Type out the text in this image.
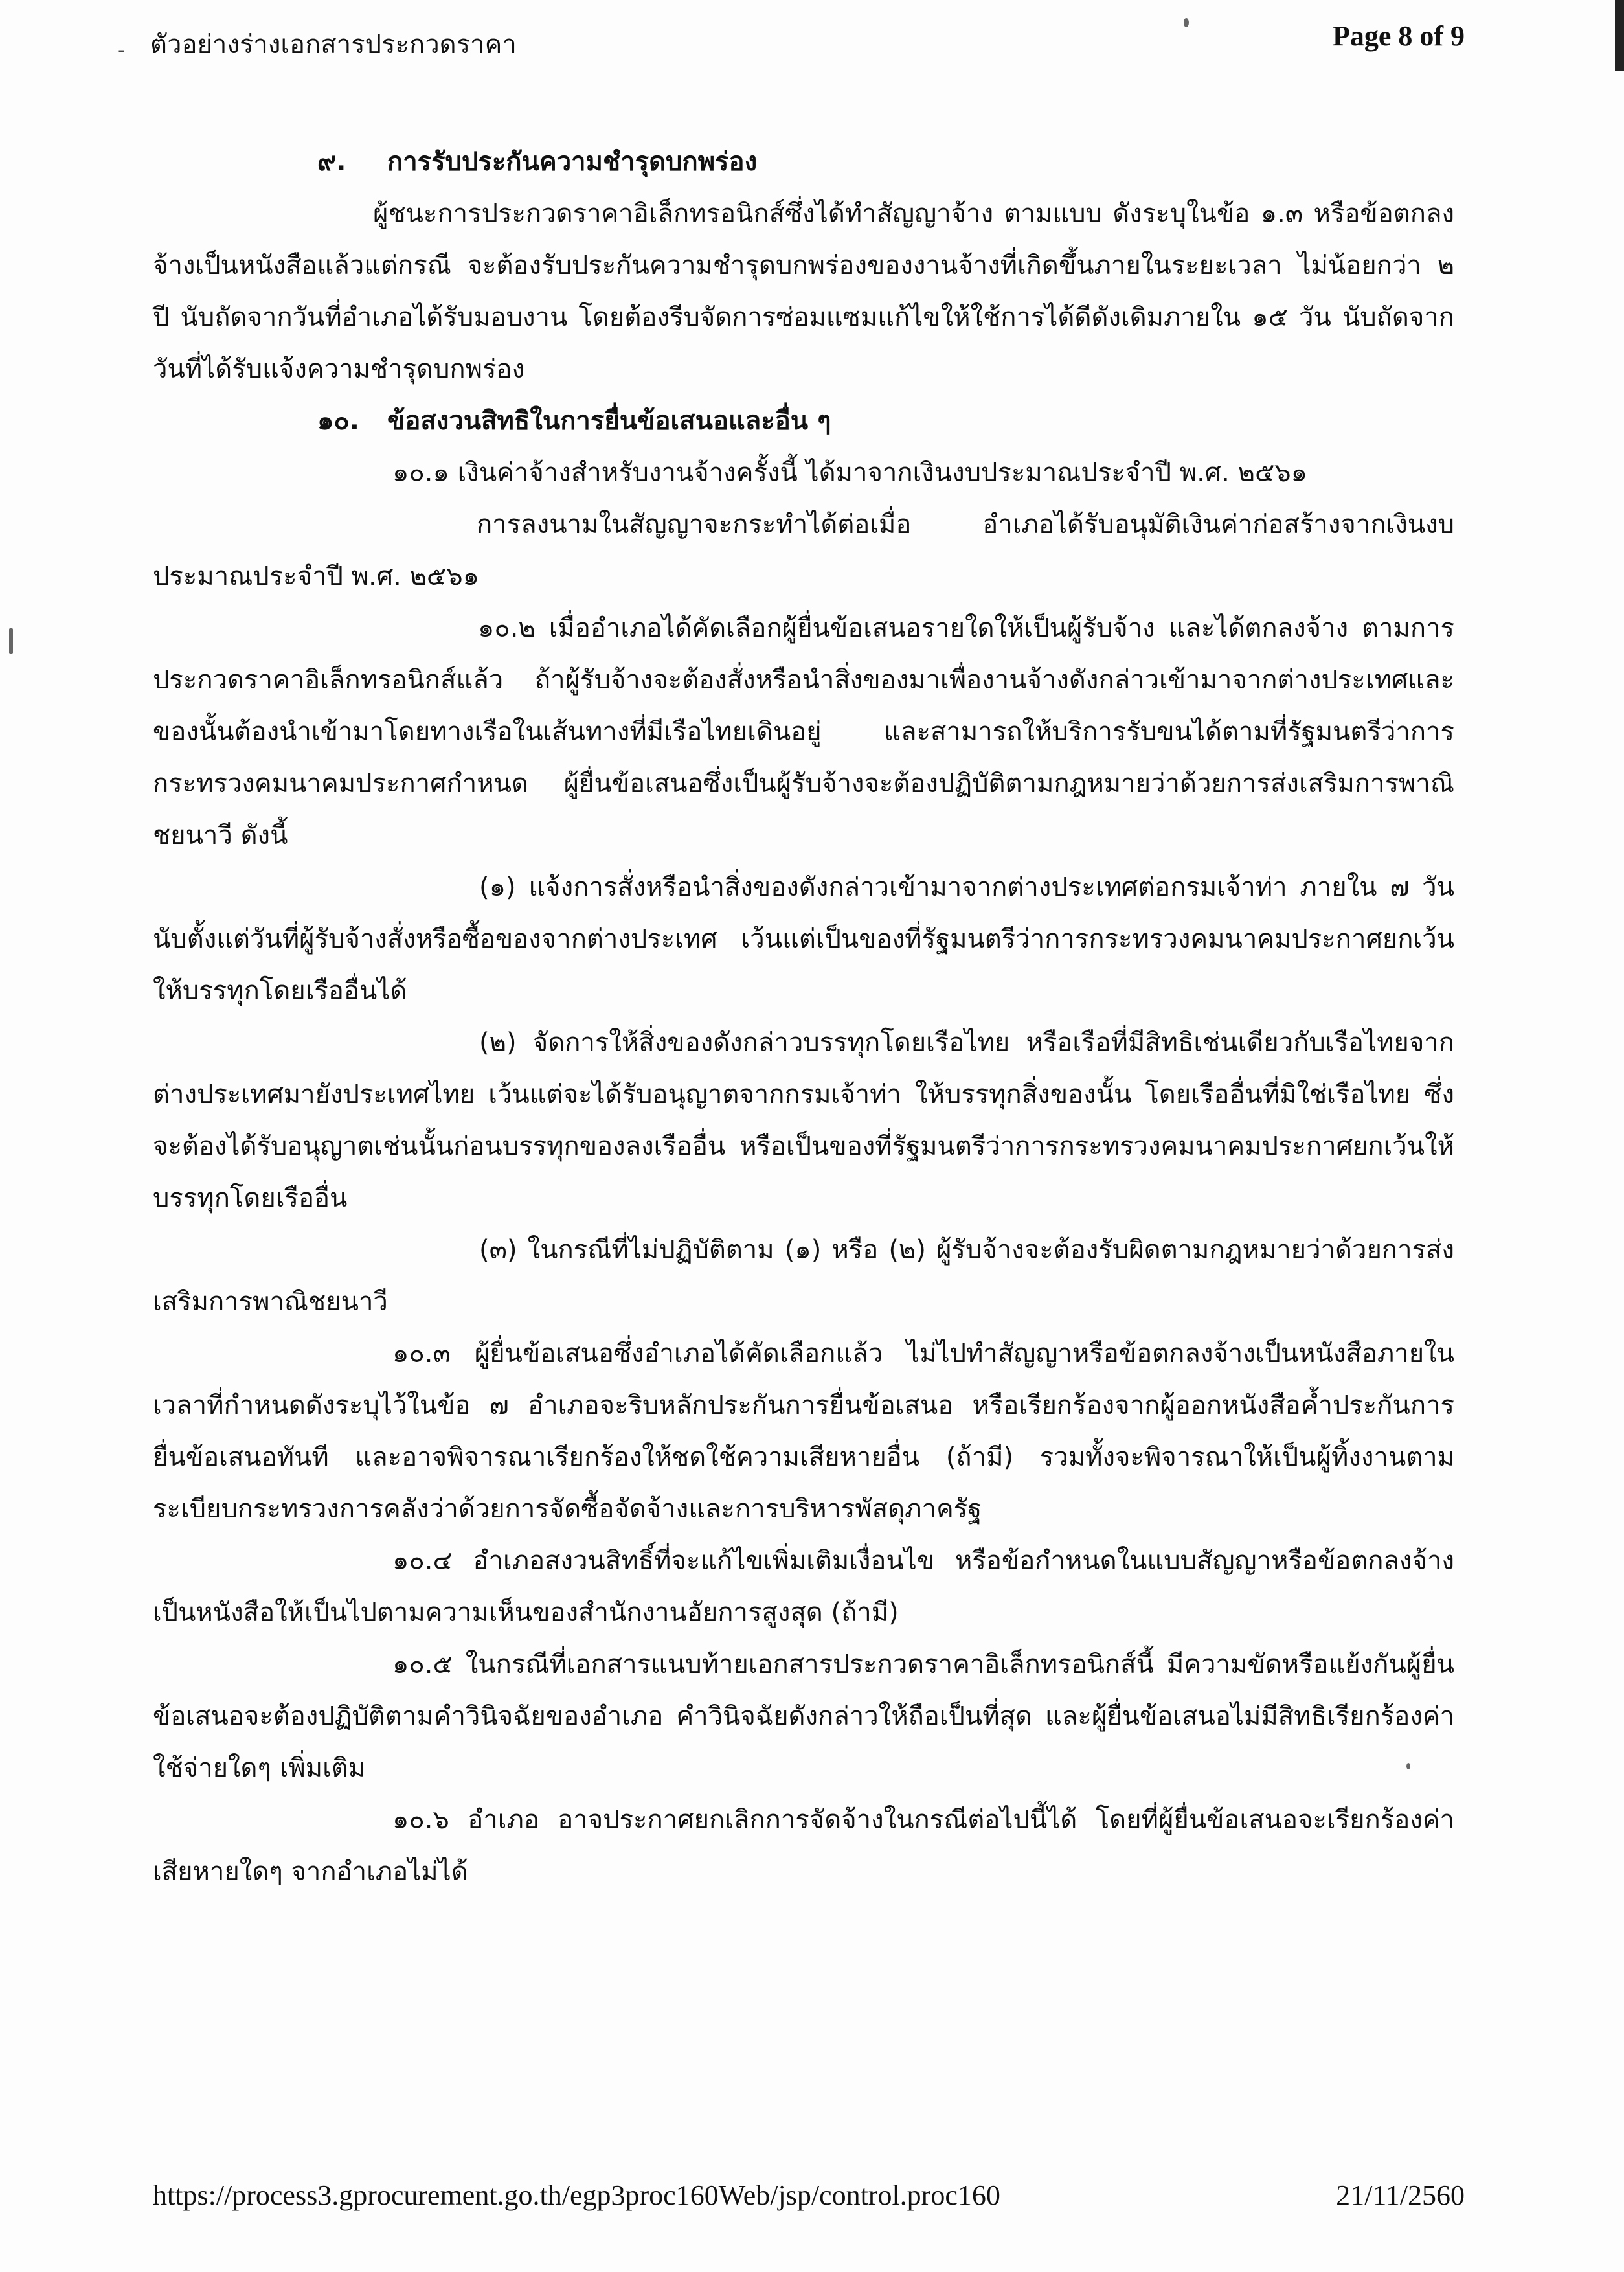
- ตัวอย่างร่างเอกสารประกวดราคา	Page 8 of 9

๙. การรับประกันความชำรุดบกพร่อง

ผู้ชนะการประกวดราคาอิเล็กทรอนิกส์ซึ่งได้ทำสัญญาจ้าง ตามแบบ ดังระบุในข้อ ๑.๓ หรือข้อตกลงจ้างเป็นหนังสือแล้วแต่กรณี จะต้องรับประกันความชำรุดบกพร่องของงานจ้างที่เกิดขึ้นภายในระยะเวลา ไม่น้อยกว่า ๒ ปี นับถัดจากวันที่อำเภอได้รับมอบงาน โดยต้องรีบจัดการซ่อมแซมแก้ไขให้ใช้การได้ดีดังเดิมภายใน ๑๕ วัน นับถัดจากวันที่ได้รับแจ้งความชำรุดบกพร่อง

๑๐. ข้อสงวนสิทธิในการยื่นข้อเสนอและอื่น ๆ

๑๐.๑ เงินค่าจ้างสำหรับงานจ้างครั้งนี้ ได้มาจากเงินงบประมาณประจำปี พ.ศ. ๒๕๖๑

การลงนามในสัญญาจะกระทำได้ต่อเมื่อ อำเภอได้รับอนุมัติเงินค่าก่อสร้างจากเงินงบประมาณประจำปี พ.ศ. ๒๕๖๑

๑๐.๒ เมื่ออำเภอได้คัดเลือกผู้ยื่นข้อเสนอรายใดให้เป็นผู้รับจ้าง และได้ตกลงจ้าง ตามการประกวดราคาอิเล็กทรอนิกส์แล้ว ถ้าผู้รับจ้างจะต้องสั่งหรือนำสิ่งของมาเพื่องานจ้างดังกล่าวเข้ามาจากต่างประเทศและของนั้นต้องนำเข้ามาโดยทางเรือในเส้นทางที่มีเรือไทยเดินอยู่ และสามารถให้บริการรับขนได้ตามที่รัฐมนตรีว่าการกระทรวงคมนาคมประกาศกำหนด ผู้ยื่นข้อเสนอซึ่งเป็นผู้รับจ้างจะต้องปฏิบัติตามกฎหมายว่าด้วยการส่งเสริมการพาณิชยนาวี ดังนี้

(๑) แจ้งการสั่งหรือนำสิ่งของดังกล่าวเข้ามาจากต่างประเทศต่อกรมเจ้าท่า ภายใน ๗ วัน นับตั้งแต่วันที่ผู้รับจ้างสั่งหรือซื้อของจากต่างประเทศ เว้นแต่เป็นของที่รัฐมนตรีว่าการกระทรวงคมนาคมประกาศยกเว้นให้บรรทุกโดยเรืออื่นได้

(๒) จัดการให้สิ่งของดังกล่าวบรรทุกโดยเรือไทย หรือเรือที่มีสิทธิเช่นเดียวกับเรือไทยจากต่างประเทศมายังประเทศไทย เว้นแต่จะได้รับอนุญาตจากกรมเจ้าท่า ให้บรรทุกสิ่งของนั้น โดยเรืออื่นที่มิใช่เรือไทย ซึ่งจะต้องได้รับอนุญาตเช่นนั้นก่อนบรรทุกของลงเรืออื่น หรือเป็นของที่รัฐมนตรีว่าการกระทรวงคมนาคมประกาศยกเว้นให้บรรทุกโดยเรืออื่น

(๓) ในกรณีที่ไม่ปฏิบัติตาม (๑) หรือ (๒) ผู้รับจ้างจะต้องรับผิดตามกฎหมายว่าด้วยการส่งเสริมการพาณิชยนาวี

๑๐.๓ ผู้ยื่นข้อเสนอซึ่งอำเภอได้คัดเลือกแล้ว ไม่ไปทำสัญญาหรือข้อตกลงจ้างเป็นหนังสือภายในเวลาที่กำหนดดังระบุไว้ในข้อ ๗ อำเภอจะริบหลักประกันการยื่นข้อเสนอ หรือเรียกร้องจากผู้ออกหนังสือค้ำประกันการยื่นข้อเสนอทันที และอาจพิจารณาเรียกร้องให้ชดใช้ความเสียหายอื่น (ถ้ามี) รวมทั้งจะพิจารณาให้เป็นผู้ทิ้งงานตามระเบียบกระทรวงการคลังว่าด้วยการจัดซื้อจัดจ้างและการบริหารพัสดุภาครัฐ

๑๐.๔ อำเภอสงวนสิทธิ์ที่จะแก้ไขเพิ่มเติมเงื่อนไข หรือข้อกำหนดในแบบสัญญาหรือข้อตกลงจ้างเป็นหนังสือให้เป็นไปตามความเห็นของสำนักงานอัยการสูงสุด (ถ้ามี)

๑๐.๕ ในกรณีที่เอกสารแนบท้ายเอกสารประกวดราคาอิเล็กทรอนิกส์นี้ มีความขัดหรือแย้งกันผู้ยื่นข้อเสนอจะต้องปฏิบัติตามคำวินิจฉัยของอำเภอ คำวินิจฉัยดังกล่าวให้ถือเป็นที่สุด และผู้ยื่นข้อเสนอไม่มีสิทธิเรียกร้องค่าใช้จ่ายใดๆ เพิ่มเติม

๑๐.๖ อำเภอ อาจประกาศยกเลิกการจัดจ้างในกรณีต่อไปนี้ได้ โดยที่ผู้ยื่นข้อเสนอจะเรียกร้องค่าเสียหายใดๆ จากอำเภอไม่ได้

https://process3.gprocurement.go.th/egp3proc160Web/jsp/control.proc160	21/11/2560
